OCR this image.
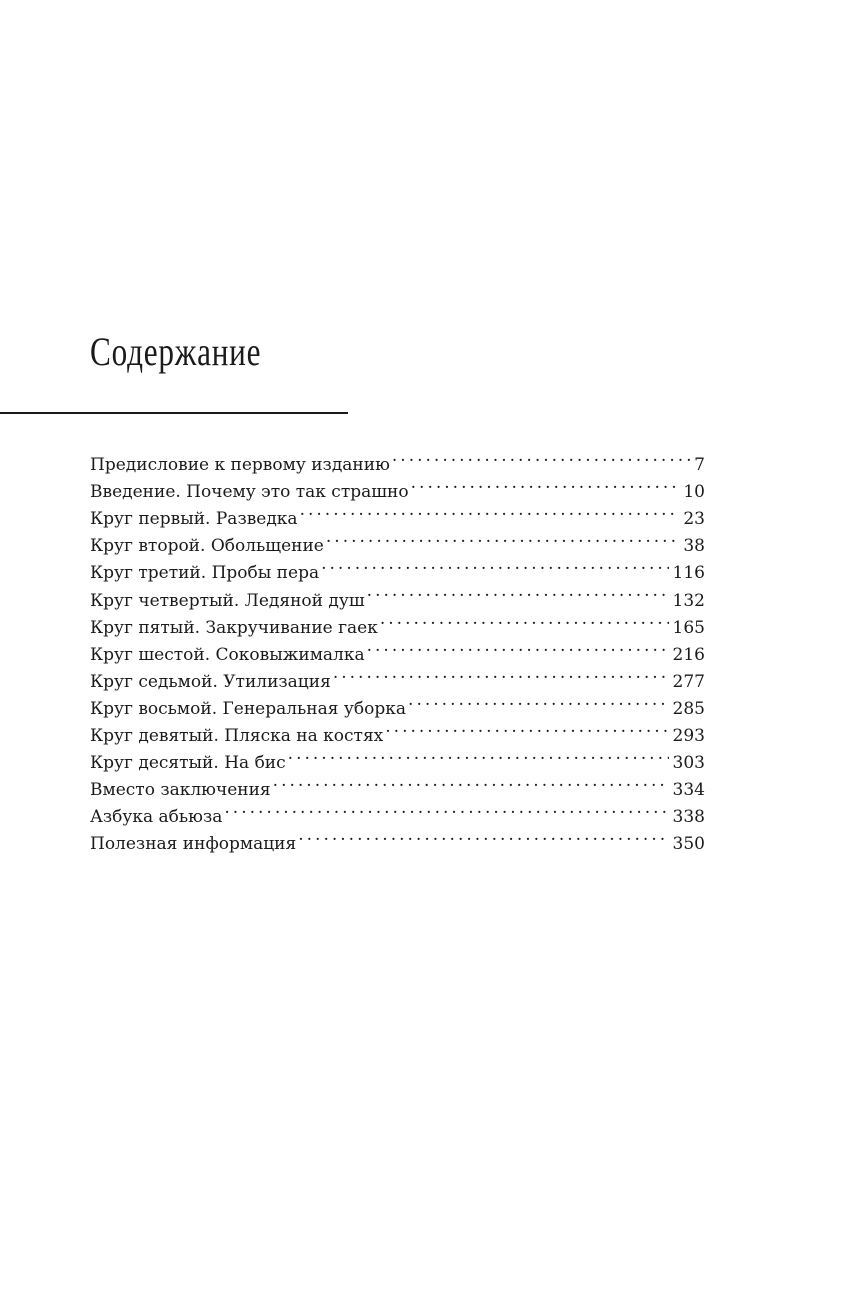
Содержание
Предисловие к первому изданию . . .	7
Введение. Почему это так страшно . . .	10
Круг первый. Разведка . . .	23
Круг второй. Обольщение . . .	38
Круг третий. Пробы пера . . .	116
Круг четвертый. Ледяной душ . . .	132
Круг пятый. Закручивание гаек . . .	165
Круг шестой. Соковыжималка . . .	216
Круг седьмой. Утилизация . . .	277
Круг восьмой. Генеральная уборка . . .	285
Круг девятый. Пляска на костях . . .	293
Круг десятый. На бис . . .	303
Вместо заключения . . .	334
Азбука абьюза . . .	338
Полезная информация . . .	350
